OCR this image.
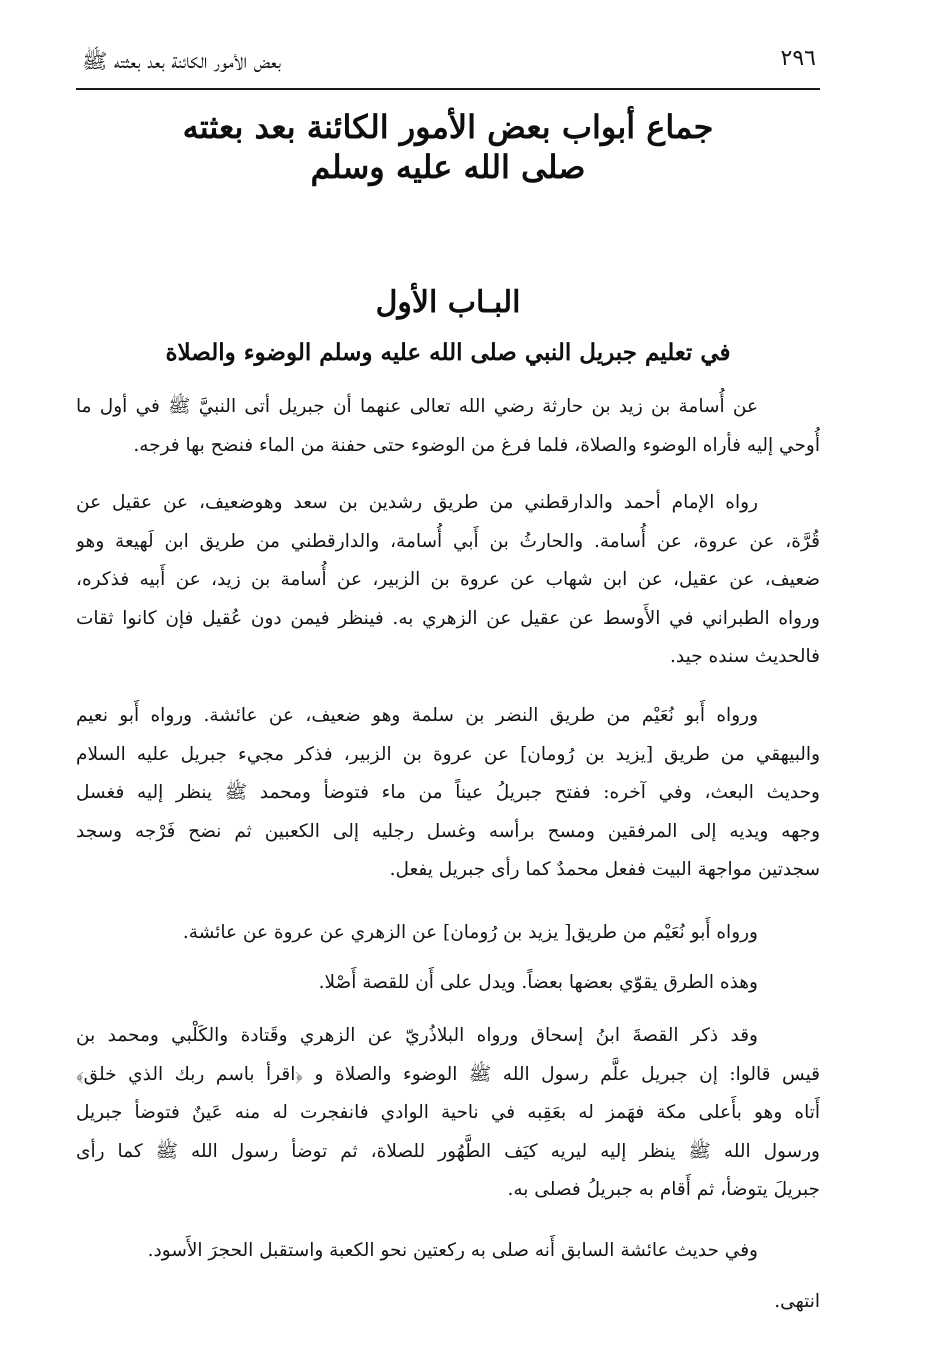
بعض الأمور الكائنة بعد بعثته ﷺ	٢٩٦
جماع أبواب بعض الأمور الكائنة بعد بعثته
صلى الله عليه وسلم
البـاب الأول
في تعليم جبريل النبي صلى الله عليه وسلم الوضوء والصلاة
عن أُسامة بن زيد بن حارثة رضي الله تعالى عنهما أن جبريل أتى النبيَّ ﷺ في أول ما
أُوحي إليه فأراه الوضوء والصلاة، فلما فرغ من الوضوء حتى حفنة من الماء فنضح بها فرجه.
رواه الإمام أحمد والدارقطني من طريق رشدين بن سعد وهوضعيف، عن عقيل عن
قُرَّة، عن عروة، عن أُسامة. والحارثُ بن أَبي أُسامة، والدارقطني من طريق ابن لَهيعة وهو
ضعيف، عن عقيل، عن ابن شهاب عن عروة بن الزبير، عن أُسامة بن زيد، عن أَبيه فذكره،
ورواه الطبراني في الأَوسط عن عقيل عن الزهري به. فينظر فيمن دون عُقيل فإن كانوا ثقات
فالحديث سنده جيد.
ورواه أَبو نُعَيْم من طريق النضر بن سلمة وهو ضعيف، عن عائشة. ورواه أَبو نعيم
والبيهقي من طريق [يزيد بن رُومان] عن عروة بن الزبير، فذكر مجيء جبريل عليه السلام
وحديث البعث، وفي آخره: ففتح جبريلُ عيناً من ماء فتوضأ ومحمد ﷺ ينظر إليه فغسل
وجهه ويديه إلى المرفقين ومسح برأسه وغسل رجليه إلى الكعبين ثم نضح فَرْجه وسجد
سجدتين مواجهة البيت ففعل محمدٌ كما رأى جبريل يفعل.
ورواه أَبو نُعَيْم من طريق[ يزيد بن رُومان] عن الزهري عن عروة عن عائشة.
وهذه الطرق يقوّي بعضها بعضاً. ويدل على أَن للقصة أَصْلا.
وقد ذكر القصةَ ابنُ إسحاق ورواه البلاذُريّ عن الزهري وقَتادة والكَلْبي ومحمد بن
قيس قالوا: إن جبريل علَّم رسول الله ﷺ الوضوء والصلاة و ﴿اقرأ باسم ربك الذي خلق﴾
أَتاه وهو بأَعلى مكة فهَمز له بعَقِبه في ناحية الوادي فانفجرت له منه عَينٌ فتوضأ جبريل
ورسول الله ﷺ ينظر إليه ليريه كيَف الطَّهُور للصلاة، ثم توضأ رسول الله ﷺ كما رأى
جبريلَ يتوضأ، ثم أَقام به جبريلُ فصلى به.
وفي حديث عائشة السابق أَنه صلى به ركعتين نحو الكعبة واستقبل الحجرَ الأَسود.
انتهى.
